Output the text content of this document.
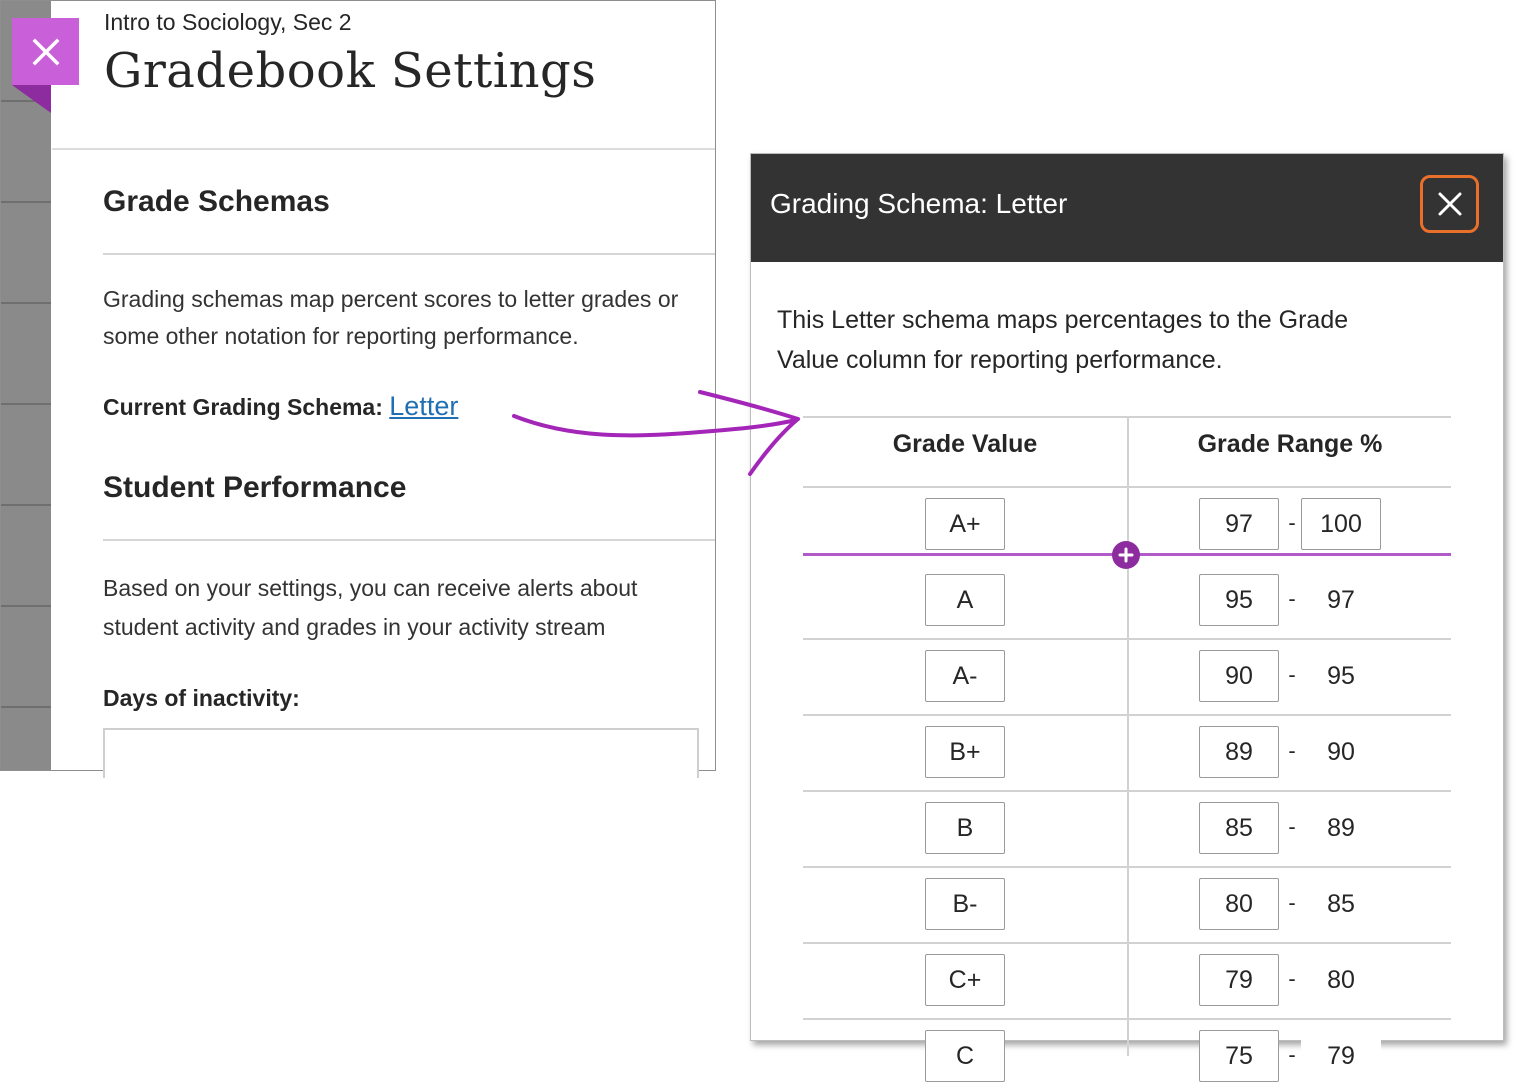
Intro to Sociology, Sec 2
Gradebook Settings
Grade Schemas
Grading schemas map percent scores to letter grades or some other notation for reporting performance.
Current Grading Schema: Letter
Student Performance
Based on your settings, you can receive alerts about student activity and grades in your activity stream
Days of inactivity:
Grading Schema: Letter
This Letter schema maps percentages to the Grade Value column for reporting performance.
Grade Value	Grade Range %
A+	97	- 100
A	95	-	97
A-	90	-	95
B+	89	-	90
B	85	-	89
B-	80	-	85
C+	79	-	80
C	75	-	79
